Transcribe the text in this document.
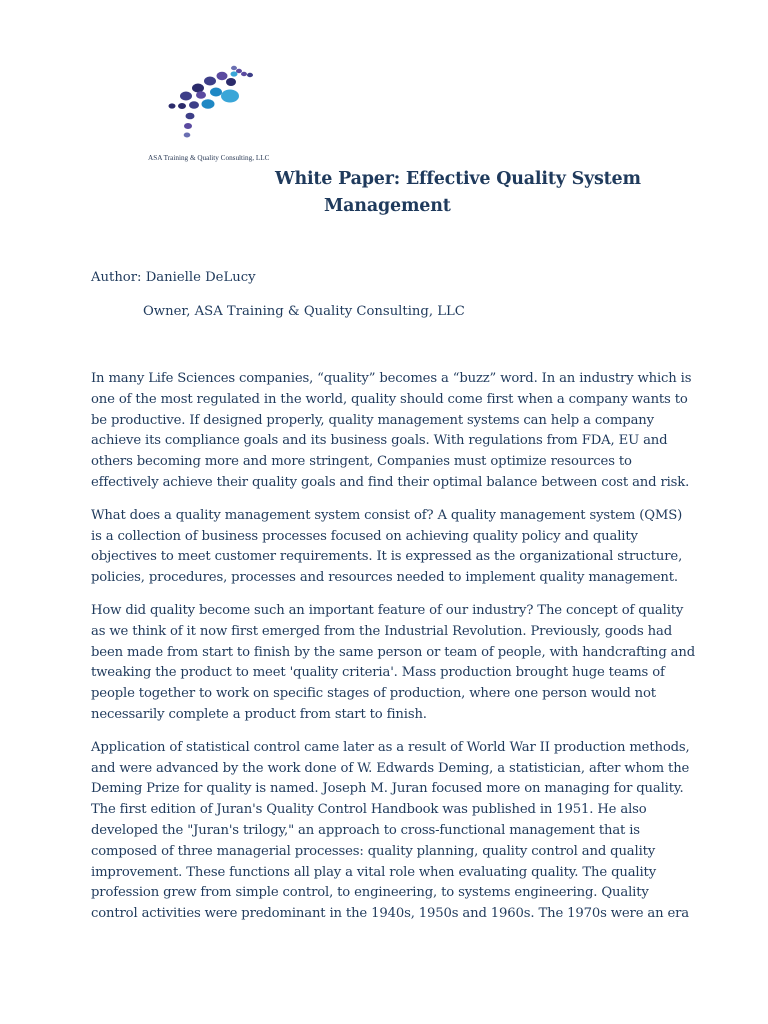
ASA Training & Quality Consulting, LLC
White Paper: Effective Quality System
Management
Author: Danielle DeLucy
Owner, ASA Training & Quality Consulting, LLC

In many Life Sciences companies, “quality” becomes a “buzz” word. In an industry which is
one of the most regulated in the world, quality should come first when a company wants to
be productive. If designed properly, quality management systems can help a company
achieve its compliance goals and its business goals. With regulations from FDA, EU and
others becoming more and more stringent, Companies must optimize resources to
effectively achieve their quality goals and find their optimal balance between cost and risk.

What does a quality management system consist of? A quality management system (QMS)
is a collection of business processes focused on achieving quality policy and quality
objectives to meet customer requirements. It is expressed as the organizational structure,
policies, procedures, processes and resources needed to implement quality management.

How did quality become such an important feature of our industry? The concept of quality
as we think of it now first emerged from the Industrial Revolution. Previously, goods had
been made from start to finish by the same person or team of people, with handcrafting and
tweaking the product to meet 'quality criteria'. Mass production brought huge teams of
people together to work on specific stages of production, where one person would not
necessarily complete a product from start to finish.

Application of statistical control came later as a result of World War II production methods,
and were advanced by the work done of W. Edwards Deming, a statistician, after whom the
Deming Prize for quality is named. Joseph M. Juran focused more on managing for quality.
The first edition of Juran's Quality Control Handbook was published in 1951. He also
developed the "Juran's trilogy," an approach to cross-functional management that is
composed of three managerial processes: quality planning, quality control and quality
improvement. These functions all play a vital role when evaluating quality. The quality
profession grew from simple control, to engineering, to systems engineering. Quality
control activities were predominant in the 1940s, 1950s and 1960s. The 1970s were an era
